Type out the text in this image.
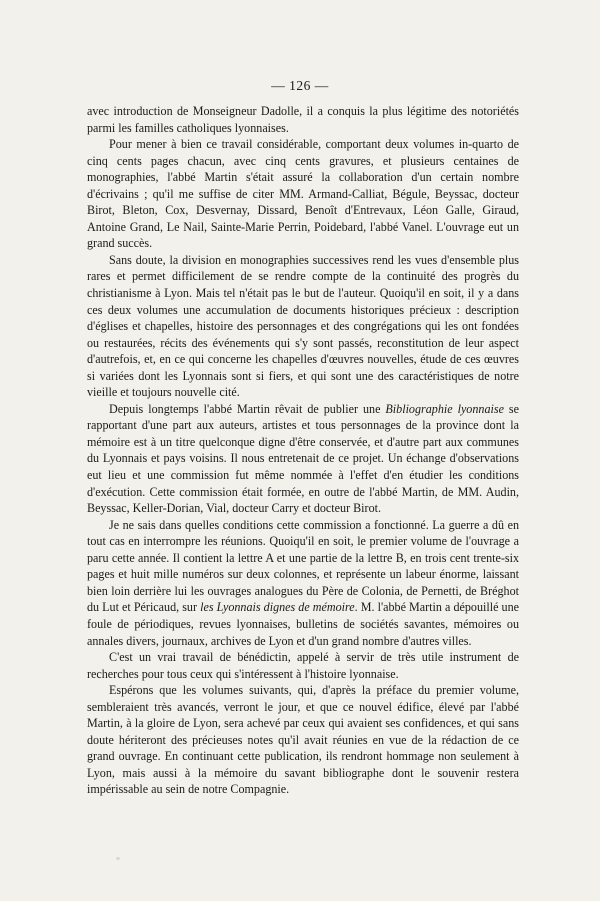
— 126 —

avec introduction de Monseigneur Dadolle, il a conquis la plus légitime des notoriétés parmi les familles catholiques lyonnaises.

Pour mener à bien ce travail considérable, comportant deux volumes in-quarto de cinq cents pages chacun, avec cinq cents gravures, et plusieurs centaines de monographies, l'abbé Martin s'était assuré la collaboration d'un certain nombre d'écrivains ; qu'il me suffise de citer MM. Armand-Calliat, Bégule, Beyssac, docteur Birot, Bleton, Cox, Desvernay, Dissard, Benoît d'Entrevaux, Léon Galle, Giraud, Antoine Grand, Le Nail, Sainte-Marie Perrin, Poidebard, l'abbé Vanel. L'ouvrage eut un grand succès.

Sans doute, la division en monographies successives rend les vues d'ensemble plus rares et permet difficilement de se rendre compte de la continuité des progrès du christianisme à Lyon. Mais tel n'était pas le but de l'auteur. Quoiqu'il en soit, il y a dans ces deux volumes une accumulation de documents historiques précieux : description d'églises et chapelles, histoire des personnages et des congrégations qui les ont fondées ou restaurées, récits des événements qui s'y sont passés, reconstitution de leur aspect d'autrefois, et, en ce qui concerne les chapelles d'œuvres nouvelles, étude de ces œuvres si variées dont les Lyonnais sont si fiers, et qui sont une des caractéristiques de notre vieille et toujours nouvelle cité.

Depuis longtemps l'abbé Martin rêvait de publier une Bibliographie lyonnaise se rapportant d'une part aux auteurs, artistes et tous personnages de la province dont la mémoire est à un titre quelconque digne d'être conservée, et d'autre part aux communes du Lyonnais et pays voisins. Il nous entretenait de ce projet. Un échange d'observations eut lieu et une commission fut même nommée à l'effet d'en étudier les conditions d'exécution. Cette commission était formée, en outre de l'abbé Martin, de MM. Audin, Beyssac, Keller-Dorian, Vial, docteur Carry et docteur Birot.

Je ne sais dans quelles conditions cette commission a fonctionné. La guerre a dû en tout cas en interrompre les réunions. Quoiqu'il en soit, le premier volume de l'ouvrage a paru cette année. Il contient la lettre A et une partie de la lettre B, en trois cent trente-six pages et huit mille numéros sur deux colonnes, et représente un labeur énorme, laissant bien loin derrière lui les ouvrages analogues du Père de Colonia, de Pernetti, de Bréghot du Lut et Péricaud, sur les Lyonnais dignes de mémoire. M. l'abbé Martin a dépouillé une foule de périodiques, revues lyonnaises, bulletins de sociétés savantes, mémoires ou annales divers, journaux, archives de Lyon et d'un grand nombre d'autres villes.

C'est un vrai travail de bénédictin, appelé à servir de très utile instrument de recherches pour tous ceux qui s'intéressent à l'histoire lyonnaise.

Espérons que les volumes suivants, qui, d'après la préface du premier volume, sembleraient très avancés, verront le jour, et que ce nouvel édifice, élevé par l'abbé Martin, à la gloire de Lyon, sera achevé par ceux qui avaient ses confidences, et qui sans doute hériteront des précieuses notes qu'il avait réunies en vue de la rédaction de ce grand ouvrage. En continuant cette publication, ils rendront hommage non seulement à Lyon, mais aussi à la mémoire du savant bibliographe dont le souvenir restera impérissable au sein de notre Compagnie.
